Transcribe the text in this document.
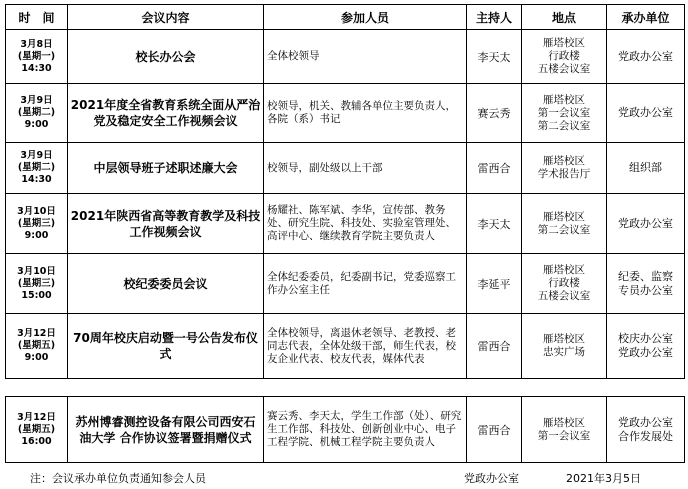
时　间	会议内容	参加人员	主持人	地点	承办单位
3月8日
(星期一)
14:30	校长办公会	全体校领导	李天太	雁塔校区
行政楼
五楼会议室	党政办公室
3月9日
(星期二)
9:00	2021年度全省教育系统全面从严治党及稳定安全工作视频会议	校领导，机关、教辅各单位主要负责人，各院（系）书记	赛云秀	雁塔校区
第一会议室
第二会议室	党政办公室
3月9日
(星期二)
14:30	中层领导班子述职述廉大会	校领导，副处级以上干部	雷西合	雁塔校区
学术报告厅	组织部
3月10日
(星期三)
9:00	2021年陕西省高等教育教学及科技工作视频会议	杨耀社、陈军斌、李华，宣传部、教务处、研究生院、科技处、实验室管理处、高评中心、继续教育学院主要负责人	李天太	雁塔校区
第二会议室	党政办公室
3月10日
(星期三)
15:00	校纪委委员会议	全体纪委委员，纪委副书记，党委巡察工作办公室主任	李延平	雁塔校区
行政楼
五楼会议室	纪委、监察
专员办公室
3月12日
(星期五)
9:00	70周年校庆启动暨一号公告发布仪式	全体校领导，离退休老领导、老教授、老同志代表，全体处级干部，师生代表，校友企业代表、校友代表，媒体代表	雷西合	雁塔校区
忠实广场	校庆办公室
党政办公室
3月12日
(星期五)
16:00	苏州博睿测控设备有限公司西安石油大学 合作协议签署暨捐赠仪式	赛云秀、李天太，学生工作部（处）、研究生工作部、科技处、创新创业中心、电子工程学院、机械工程学院主要负责人	雷西合	雁塔校区
第一会议室	党政办公室
合作发展处
注：会议承办单位负责通知参会人员	党政办公室	2021年3月5日
